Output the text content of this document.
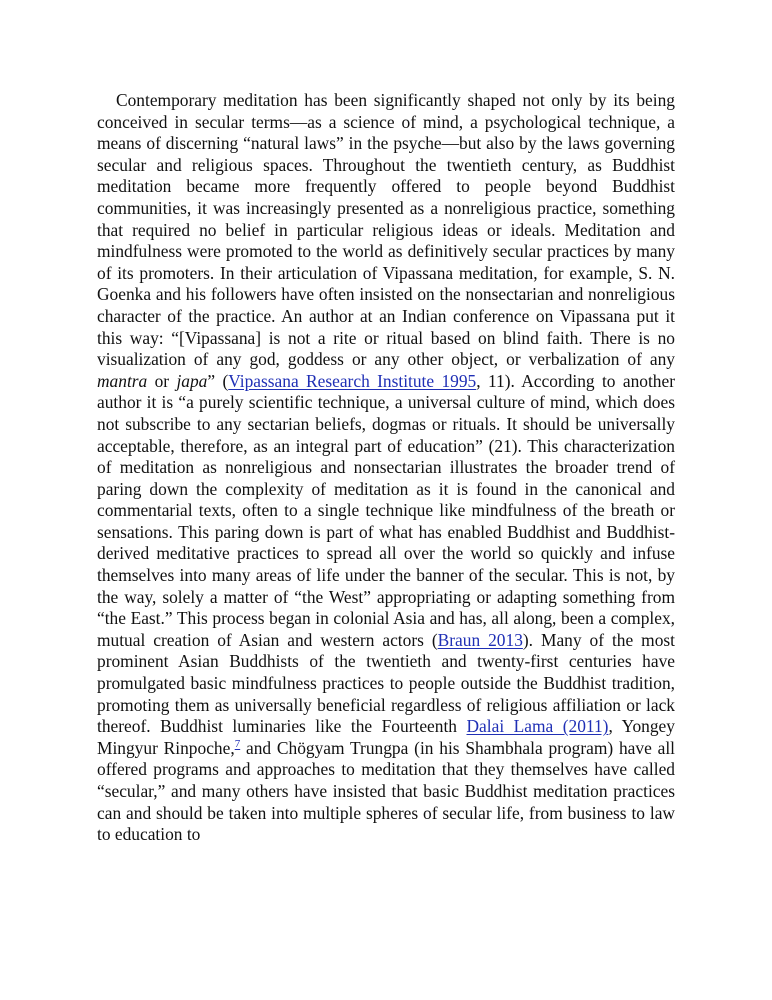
Contemporary meditation has been significantly shaped not only by its being conceived in secular terms—as a science of mind, a psychological technique, a means of discerning “natural laws” in the psyche—but also by the laws governing secular and religious spaces. Throughout the twentieth century, as Buddhist meditation became more frequently offered to people beyond Buddhist communities, it was increasingly presented as a nonreligious practice, something that required no belief in particular religious ideas or ideals. Meditation and mindfulness were promoted to the world as definitively secular practices by many of its promoters. In their articulation of Vipassana meditation, for example, S. N. Goenka and his followers have often insisted on the nonsectarian and nonreligious character of the practice. An author at an Indian conference on Vipassana put it this way: “[Vipassana] is not a rite or ritual based on blind faith. There is no visualization of any god, goddess or any other object, or verbalization of any mantra or japa” (Vipassana Research Institute 1995, 11). According to another author it is “a purely scientific technique, a universal culture of mind, which does not subscribe to any sectarian beliefs, dogmas or rituals. It should be universally acceptable, therefore, as an integral part of education” (21). This characterization of meditation as nonreligious and nonsectarian illustrates the broader trend of paring down the complexity of meditation as it is found in the canonical and commentarial texts, often to a single technique like mindfulness of the breath or sensations. This paring down is part of what has enabled Buddhist and Buddhist-derived meditative practices to spread all over the world so quickly and infuse themselves into many areas of life under the banner of the secular. This is not, by the way, solely a matter of “the West” appropriating or adapting something from “the East.” This process began in colonial Asia and has, all along, been a complex, mutual creation of Asian and western actors (Braun 2013). Many of the most prominent Asian Buddhists of the twentieth and twenty-first centuries have promulgated basic mindfulness practices to people outside the Buddhist tradition, promoting them as universally beneficial regardless of religious affiliation or lack thereof. Buddhist luminaries like the Fourteenth Dalai Lama (2011), Yongey Mingyur Rinpoche,$^7$ and Chögyam Trungpa (in his Shambhala program) have all offered programs and approaches to meditation that they themselves have called “secular,” and many others have insisted that basic Buddhist meditation practices can and should be taken into multiple spheres of secular life, from business to law to education to
